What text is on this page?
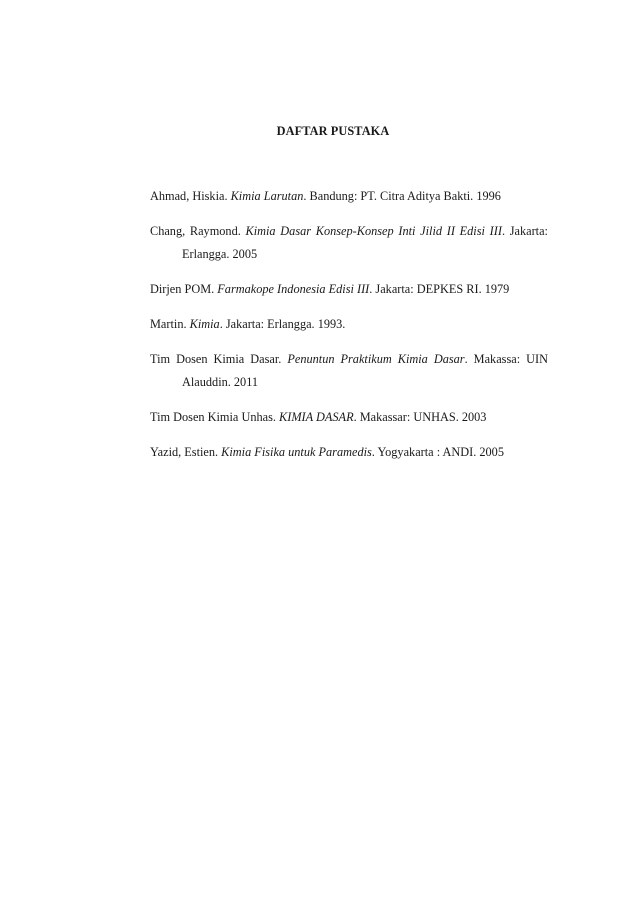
DAFTAR PUSTAKA

Ahmad, Hiskia. Kimia Larutan. Bandung: PT. Citra Aditya Bakti. 1996

Chang, Raymond. Kimia Dasar Konsep-Konsep Inti Jilid II Edisi III. Jakarta: Erlangga. 2005

Dirjen POM. Farmakope Indonesia Edisi III. Jakarta: DEPKES RI. 1979

Martin. Kimia. Jakarta: Erlangga. 1993.

Tim Dosen Kimia Dasar. Penuntun Praktikum Kimia Dasar. Makassa: UIN Alauddin. 2011

Tim Dosen Kimia Unhas. KIMIA DASAR. Makassar: UNHAS. 2003

Yazid, Estien. Kimia Fisika untuk Paramedis. Yogyakarta : ANDI. 2005
